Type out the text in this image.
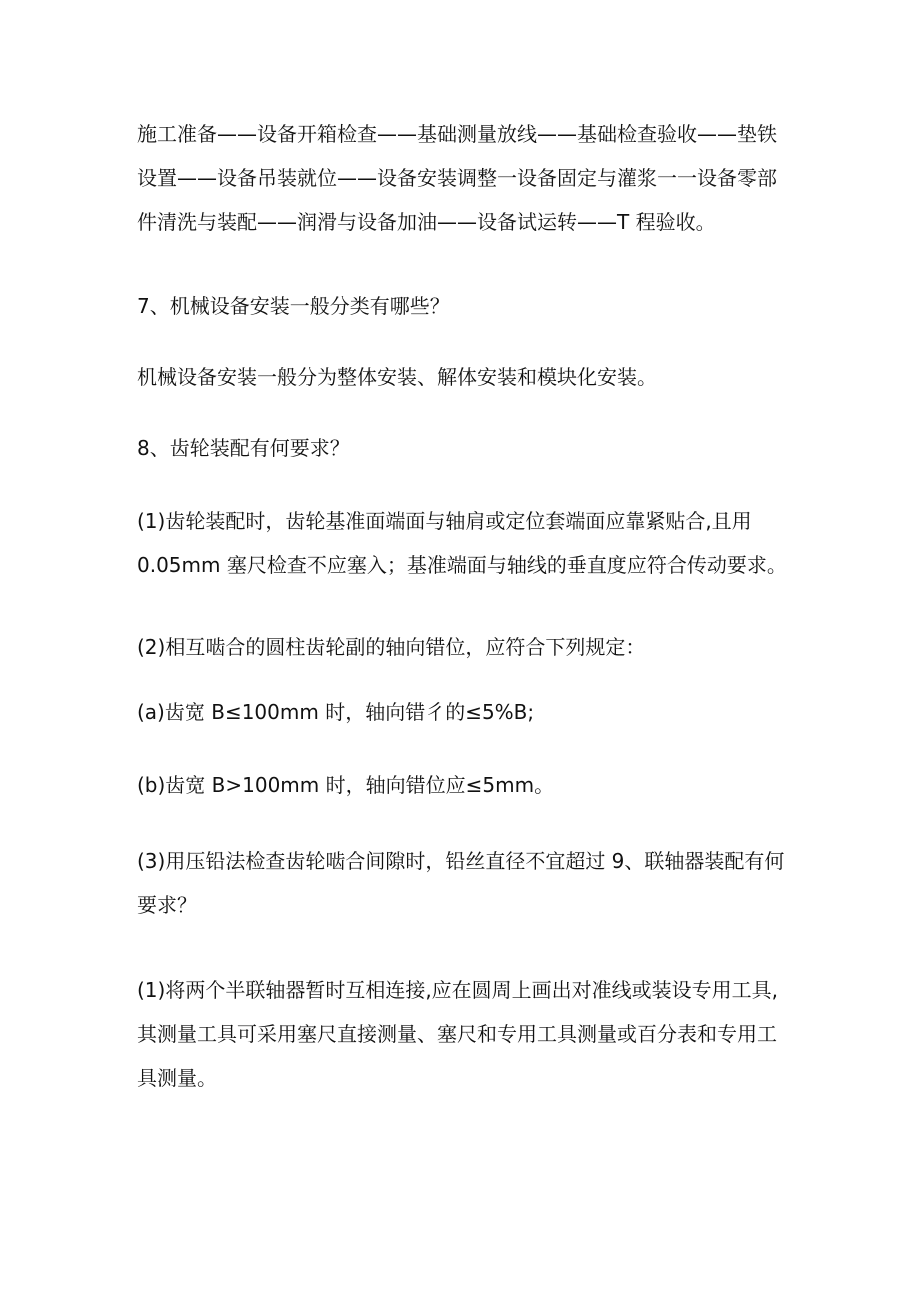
施工准备——设备开箱检查——基础测量放线——基础检查验收——垫铁
设置——设备吊装就位——设备安装调整一设备固定与灌浆一一设备零部
件清洗与装配——润滑与设备加油——设备试运转——T 程验收。

7、机械设备安装一般分类有哪些？

机械设备安装一般分为整体安装、解体安装和模块化安装。

8、齿轮装配有何要求？

(1)齿轮装配时，齿轮基准面端面与轴肩或定位套端面应靠紧贴合,且用
0.05mm 塞尺检查不应塞入；基准端面与轴线的垂直度应符合传动要求。

(2)相互啮合的圆柱齿轮副的轴向错位，应符合下列规定：

(a)齿宽 B≤100mm 时，轴向错彳的≤5%B;

(b)齿宽 B>100mm 时，轴向错位应≤5mm。

(3)用压铅法检查齿轮啮合间隙时，铅丝直径不宜超过 9、联轴器装配有何
要求？

(1)将两个半联轴器暂时互相连接,应在圆周上画出对准线或装设专用工具,
其测量工具可采用塞尺直接测量、塞尺和专用工具测量或百分表和专用工
具测量。
